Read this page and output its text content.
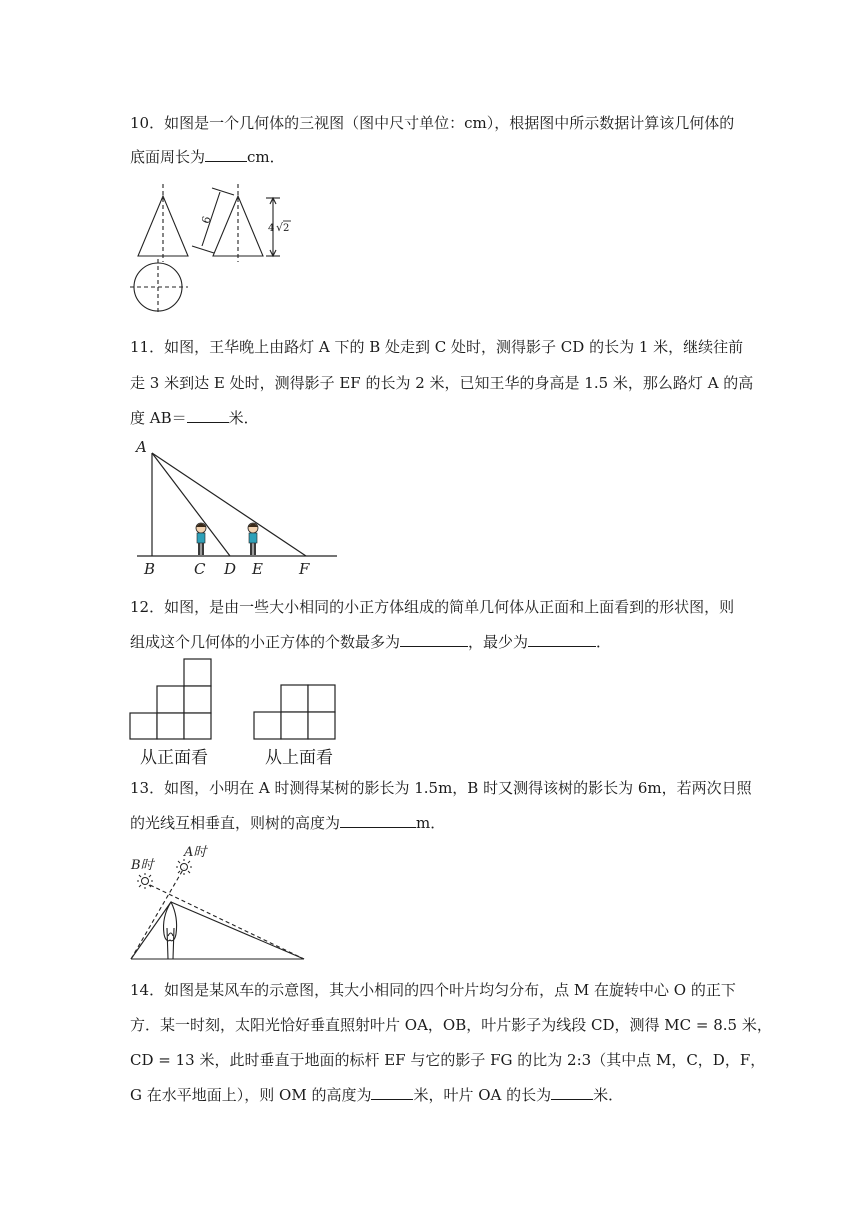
10．如图是一个几何体的三视图（图中尺寸单位：cm），根据图中所示数据计算该几何体的
底面周长为	cm．
6
4 √ 2
11．如图，王华晚上由路灯 A 下的 B 处走到 C 处时，测得影子 CD 的长为 1 米，继续往前
走 3 米到达 E 处时，测得影子 EF 的长为 2 米，已知王华的身高是 1.5 米，那么路灯 A 的高
度 AB＝	米．
A
B	C D E F
12．如图，是由一些大小相同的小正方体组成的简单几何体从正面和上面看到的形状图，则
组成这个几何体的小正方体的个数最多为	，最少为	．
从正面看	从上面看
13．如图，小明在 A 时测得某树的影长为 1.5m，B 时又测得该树的影长为 6m，若两次日照
的光线互相垂直，则树的高度为	m．
B时
A时
14．如图是某风车的示意图，其大小相同的四个叶片均匀分布，点 M 在旋转中心 O 的正下
方．某一时刻，太阳光恰好垂直照射叶片 OA，OB，叶片影子为线段 CD，测得 MC = 8.5 米，
CD = 13 米，此时垂直于地面的标杆 EF 与它的影子 FG 的比为 2:3（其中点 M，C，D，F，
G 在水平地面上），则 OM 的高度为	米，叶片 OA 的长为	米．
